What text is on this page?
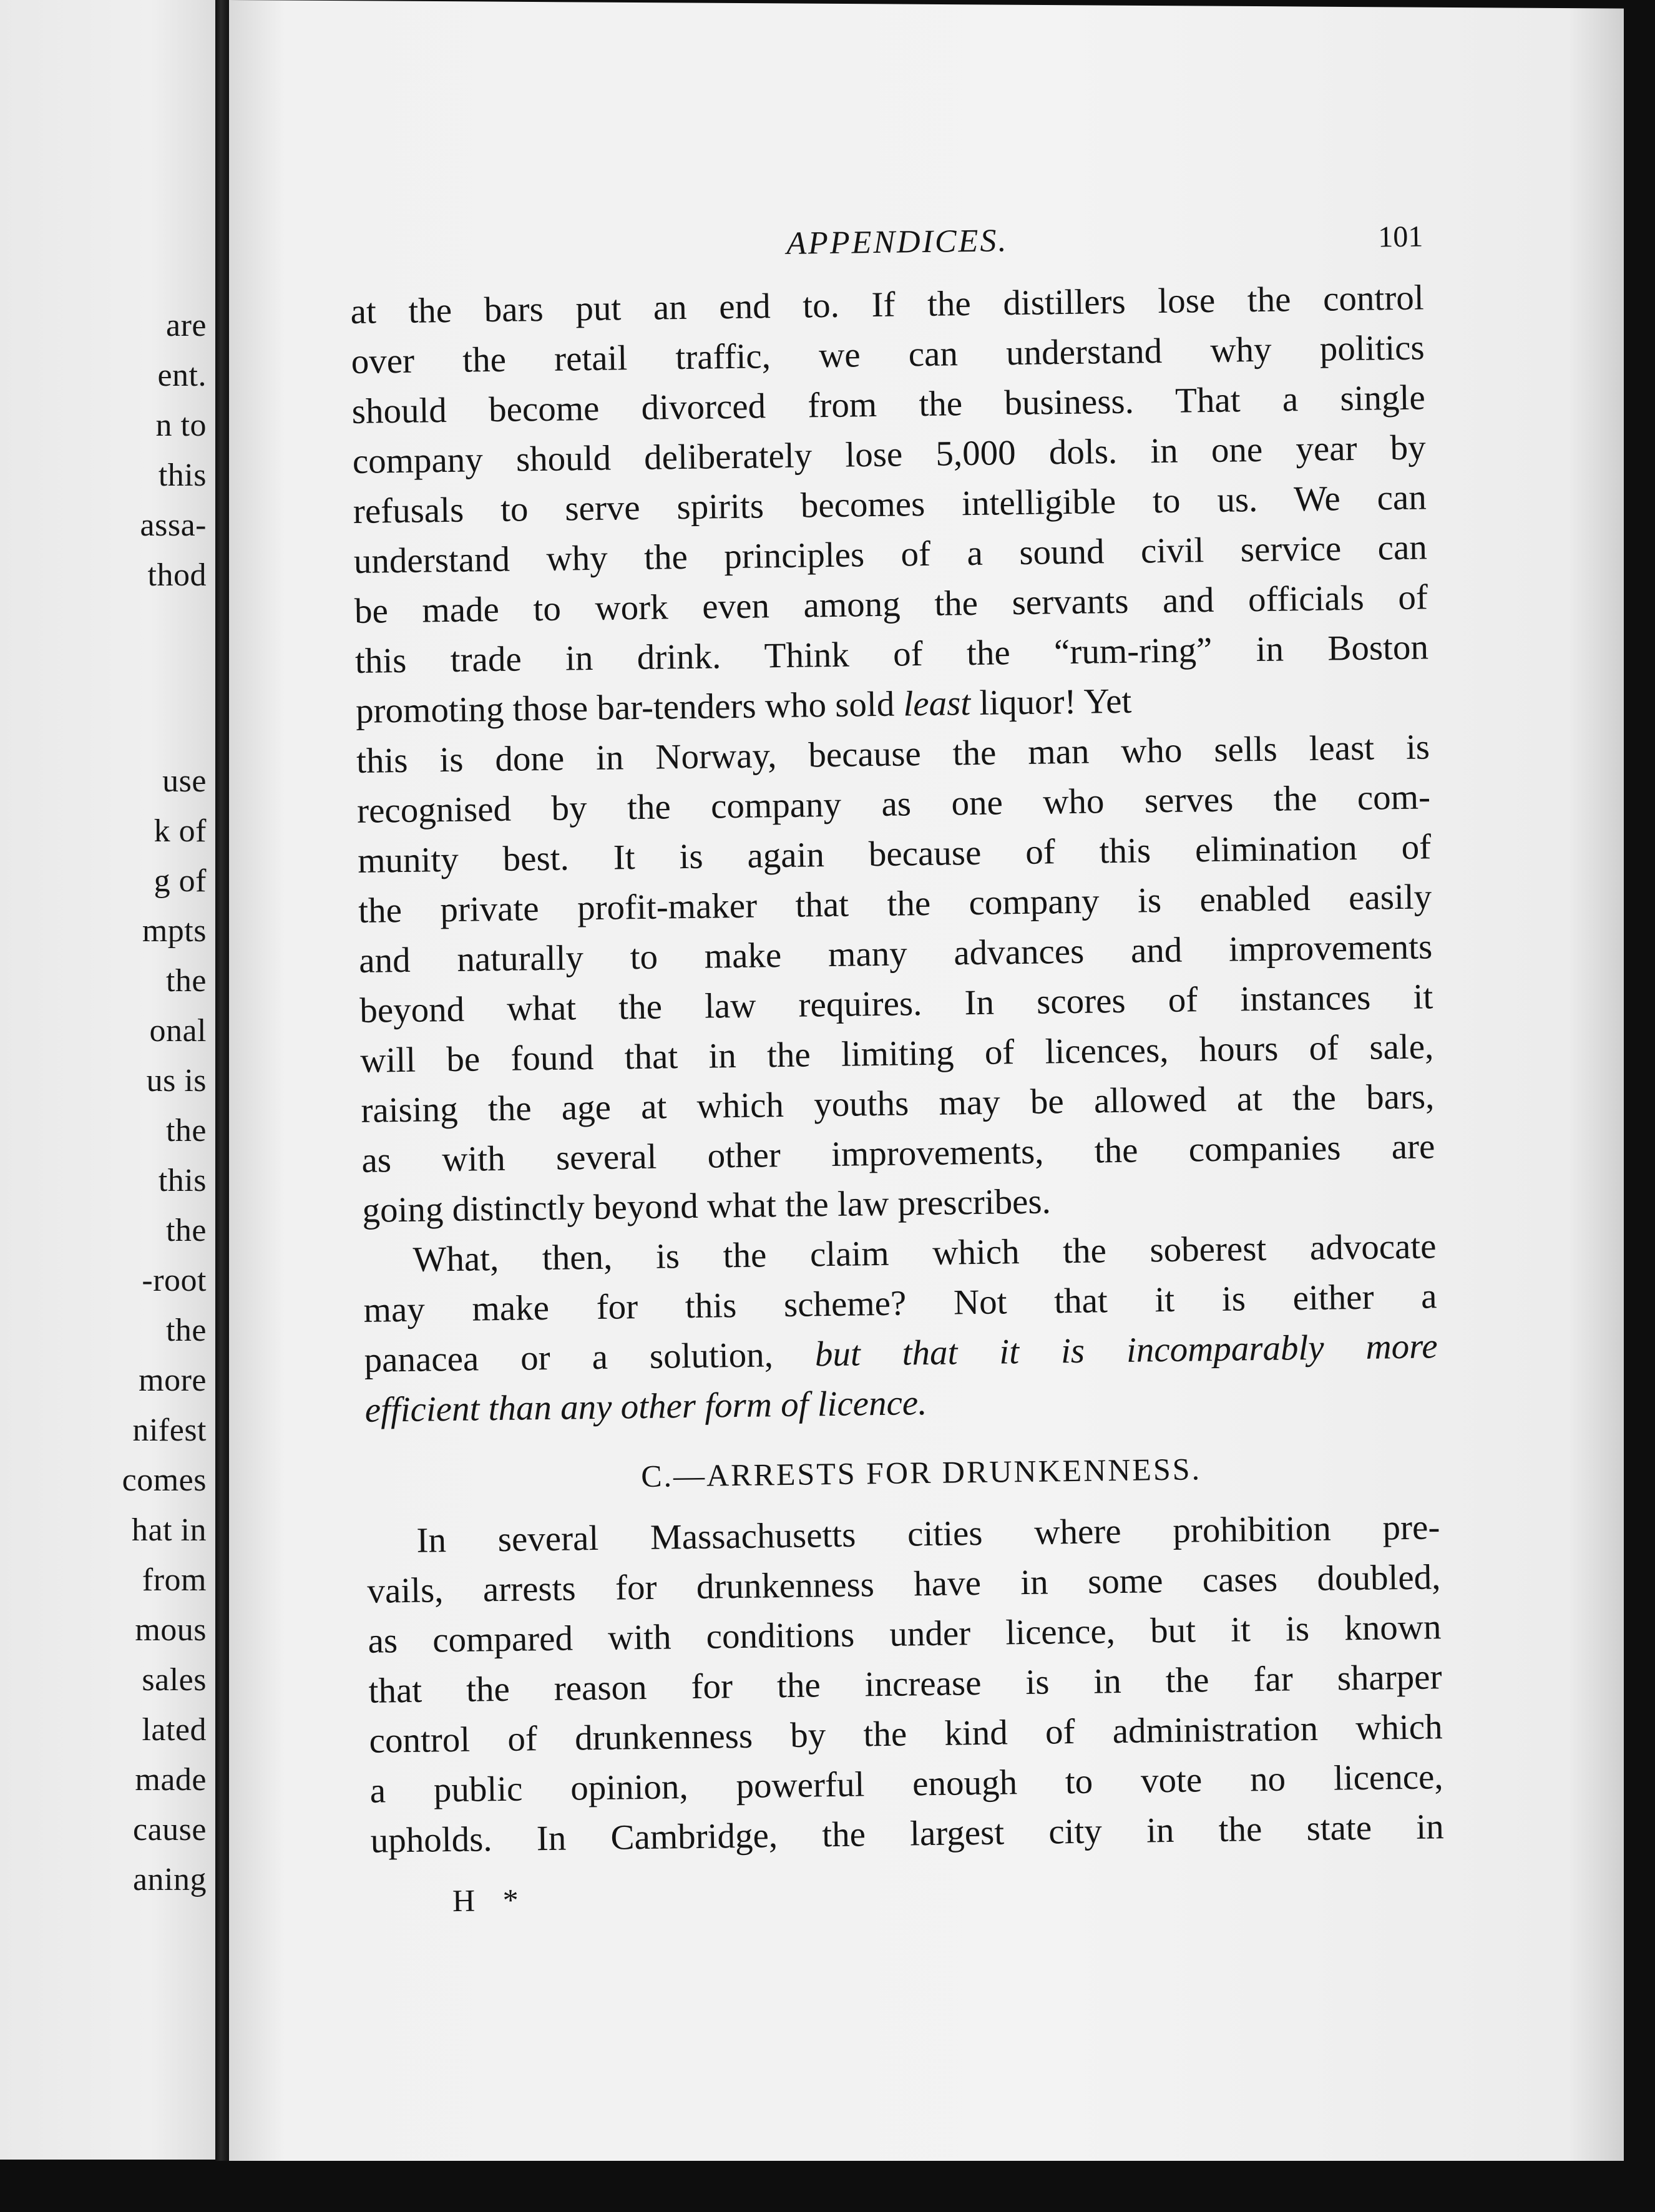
are
ent.
n to
this
assa-
thod
use
k of
g of
mpts
the
onal
us is
the
this
the
-root
the
more
nifest
comes
hat in
from
mous
sales
lated
made
cause
aning
APPENDICES.	101
at the bars put an end to. If the distillers lose the control
over the retail traffic, we can understand why politics
should become divorced from the business. That a single
company should deliberately lose 5,000 dols. in one year by
refusals to serve spirits becomes intelligible to us. We can
understand why the principles of a sound civil service can
be made to work even among the servants and officials of
this trade in drink. Think of the “rum-ring” in Boston
promoting those bar-tenders who sold least liquor! Yet
this is done in Norway, because the man who sells least is
recognised by the company as one who serves the com-
munity best. It is again because of this elimination of
the private profit-maker that the company is enabled easily
and naturally to make many advances and improvements
beyond what the law requires. In scores of instances it
will be found that in the limiting of licences, hours of sale,
raising the age at which youths may be allowed at the bars,
as with several other improvements, the companies are
going distinctly beyond what the law prescribes.
What, then, is the claim which the soberest advocate
may make for this scheme? Not that it is either a
panacea or a solution, but that it is incomparably more
efficient than any other form of licence.
C.—ARRESTS FOR DRUNKENNESS.
In several Massachusetts cities where prohibition pre-
vails, arrests for drunkenness have in some cases doubled,
as compared with conditions under licence, but it is known
that the reason for the increase is in the far sharper
control of drunkenness by the kind of administration which
a public opinion, powerful enough to vote no licence,
upholds. In Cambridge, the largest city in the state in
H *
